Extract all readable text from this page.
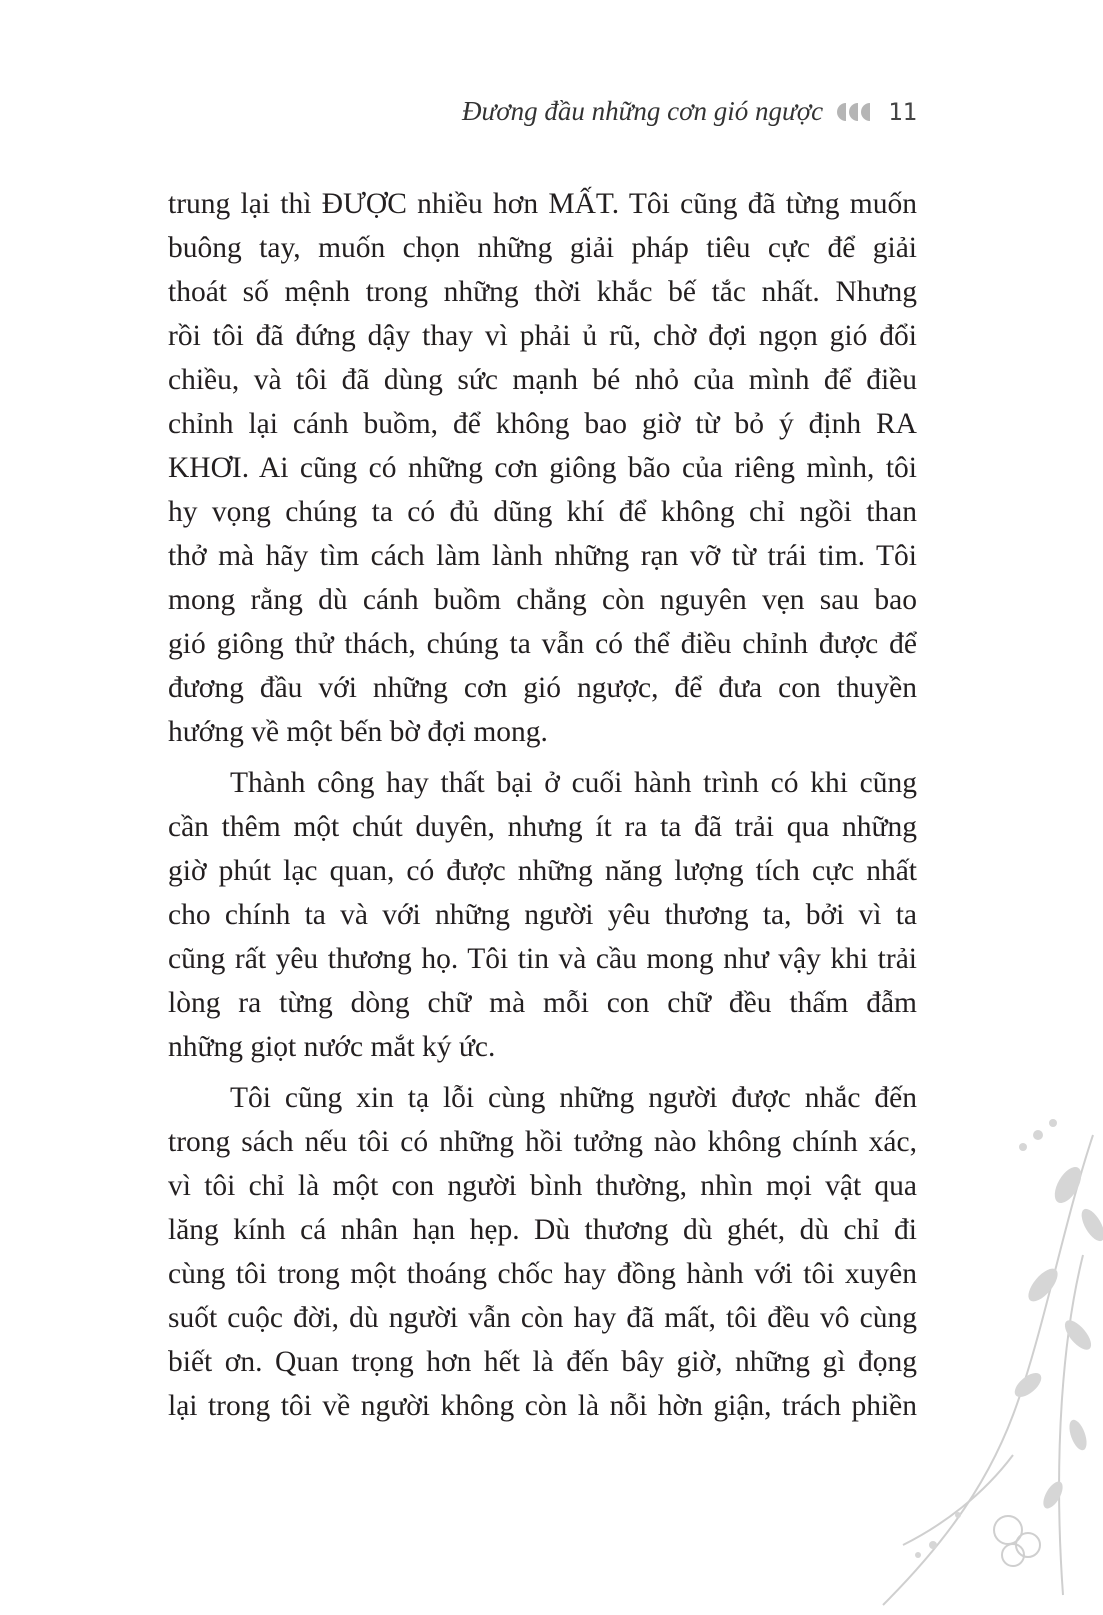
Đương đầu những cơn gió ngược	11
trung lại thì ĐƯỢC nhiều hơn MẤT. Tôi cũng đã từng muốn
buông tay, muốn chọn những giải pháp tiêu cực để giải
thoát số mệnh trong những thời khắc bế tắc nhất. Nhưng
rồi tôi đã đứng dậy thay vì phải ủ rũ, chờ đợi ngọn gió đổi
chiều, và tôi đã dùng sức mạnh bé nhỏ của mình để điều
chỉnh lại cánh buồm, để không bao giờ từ bỏ ý định RA
KHƠI. Ai cũng có những cơn giông bão của riêng mình, tôi
hy vọng chúng ta có đủ dũng khí để không chỉ ngồi than
thở mà hãy tìm cách làm lành những rạn vỡ từ trái tim. Tôi
mong rằng dù cánh buồm chẳng còn nguyên vẹn sau bao
gió giông thử thách, chúng ta vẫn có thể điều chỉnh được để
đương đầu với những cơn gió ngược, để đưa con thuyền
hướng về một bến bờ đợi mong.
Thành công hay thất bại ở cuối hành trình có khi cũng
cần thêm một chút duyên, nhưng ít ra ta đã trải qua những
giờ phút lạc quan, có được những năng lượng tích cực nhất
cho chính ta và với những người yêu thương ta, bởi vì ta
cũng rất yêu thương họ. Tôi tin và cầu mong như vậy khi trải
lòng ra từng dòng chữ mà mỗi con chữ đều thấm đẫm
những giọt nước mắt ký ức.
Tôi cũng xin tạ lỗi cùng những người được nhắc đến
trong sách nếu tôi có những hồi tưởng nào không chính xác,
vì tôi chỉ là một con người bình thường, nhìn mọi vật qua
lăng kính cá nhân hạn hẹp. Dù thương dù ghét, dù chỉ đi
cùng tôi trong một thoáng chốc hay đồng hành với tôi xuyên
suốt cuộc đời, dù người vẫn còn hay đã mất, tôi đều vô cùng
biết ơn. Quan trọng hơn hết là đến bây giờ, những gì đọng
lại trong tôi về người không còn là nỗi hờn giận, trách phiền
